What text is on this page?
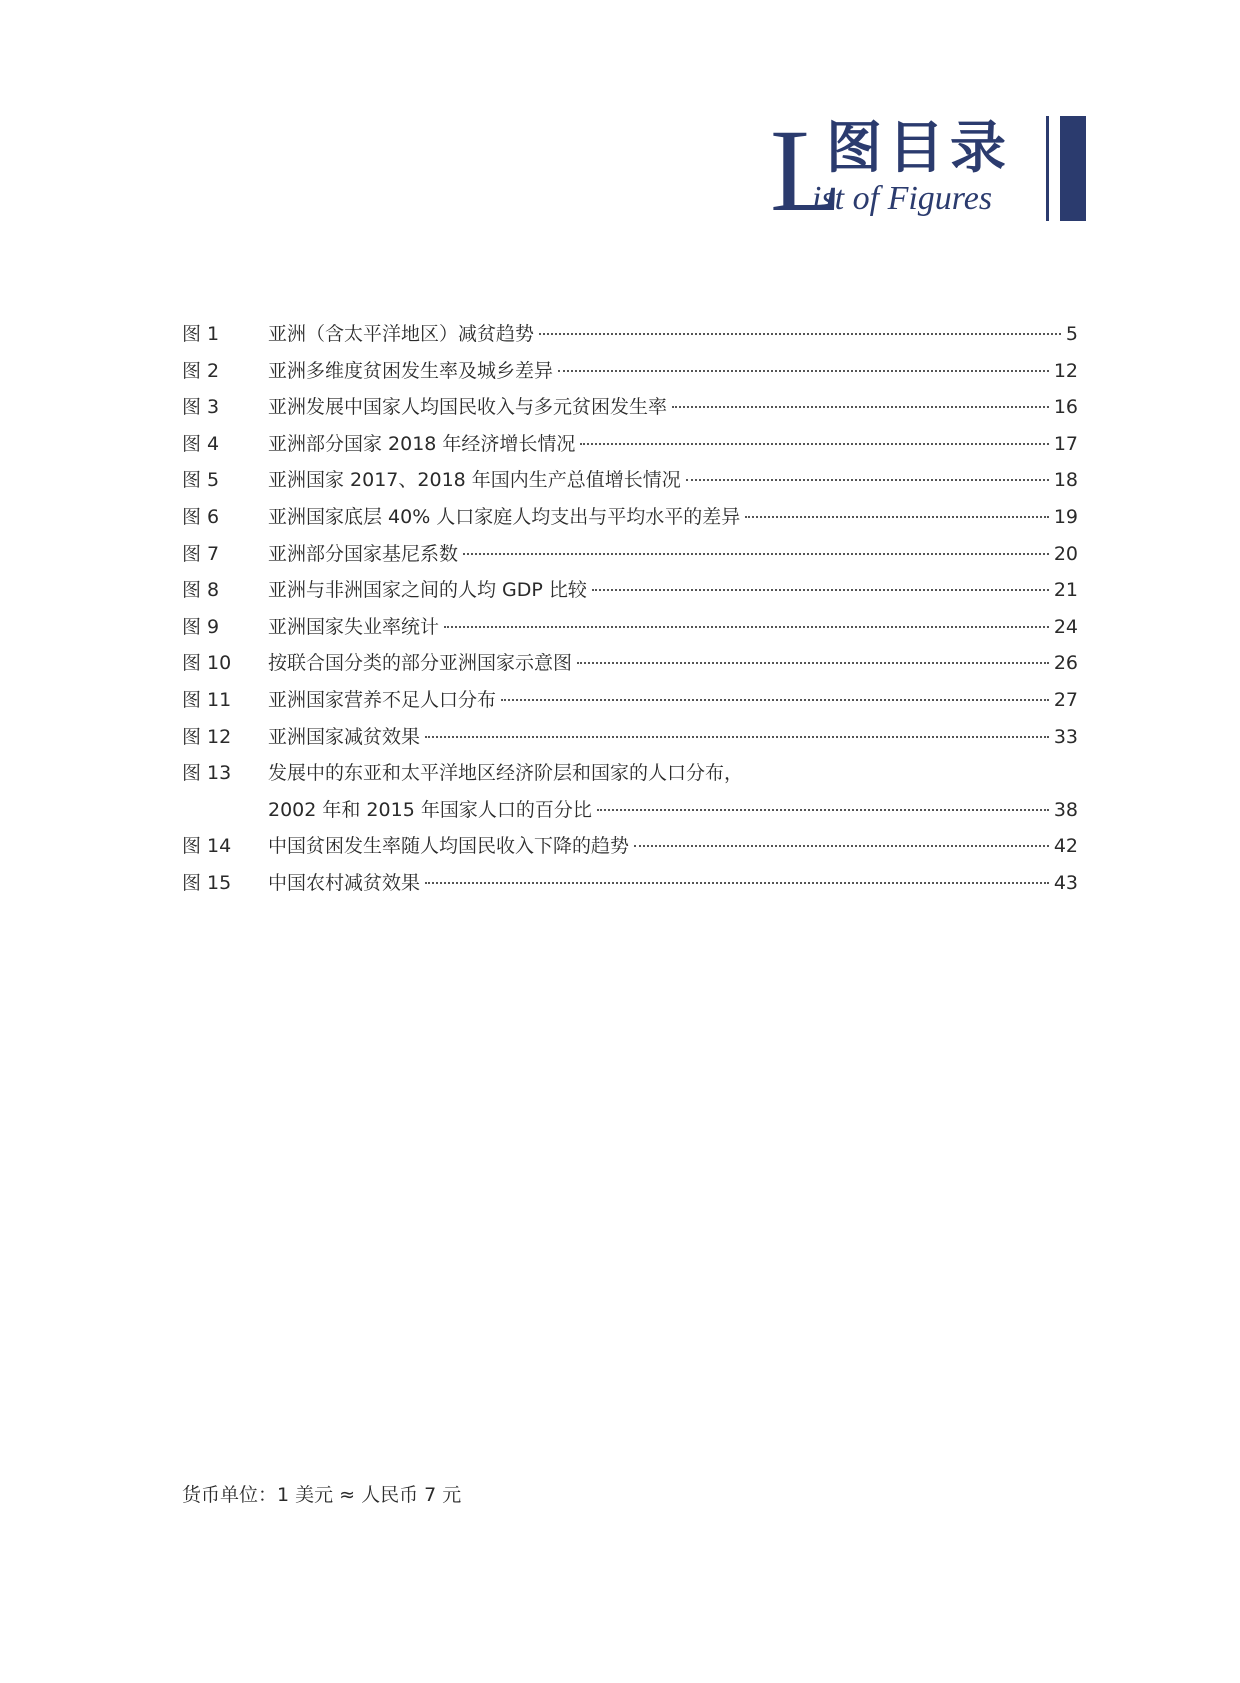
L
图目录
ist of Figures
图 1	亚洲（含太平洋地区）减贫趋势	5
图 2	亚洲多维度贫困发生率及城乡差异	12
图 3	亚洲发展中国家人均国民收入与多元贫困发生率	16
图 4	亚洲部分国家 2018 年经济增长情况	17
图 5	亚洲国家 2017、2018 年国内生产总值增长情况	18
图 6	亚洲国家底层 40% 人口家庭人均支出与平均水平的差异	19
图 7	亚洲部分国家基尼系数	20
图 8	亚洲与非洲国家之间的人均 GDP 比较	21
图 9	亚洲国家失业率统计	24
图 10 按联合国分类的部分亚洲国家示意图	26
图 11 亚洲国家营养不足人口分布	27
图 12 亚洲国家减贫效果	33
图 13 发展中的东亚和太平洋地区经济阶层和国家的人口分布，
2002 年和 2015 年国家人口的百分比	38
图 14 中国贫困发生率随人均国民收入下降的趋势	42
图 15 中国农村减贫效果	43
货币单位：1 美元 ≈ 人民币 7 元
